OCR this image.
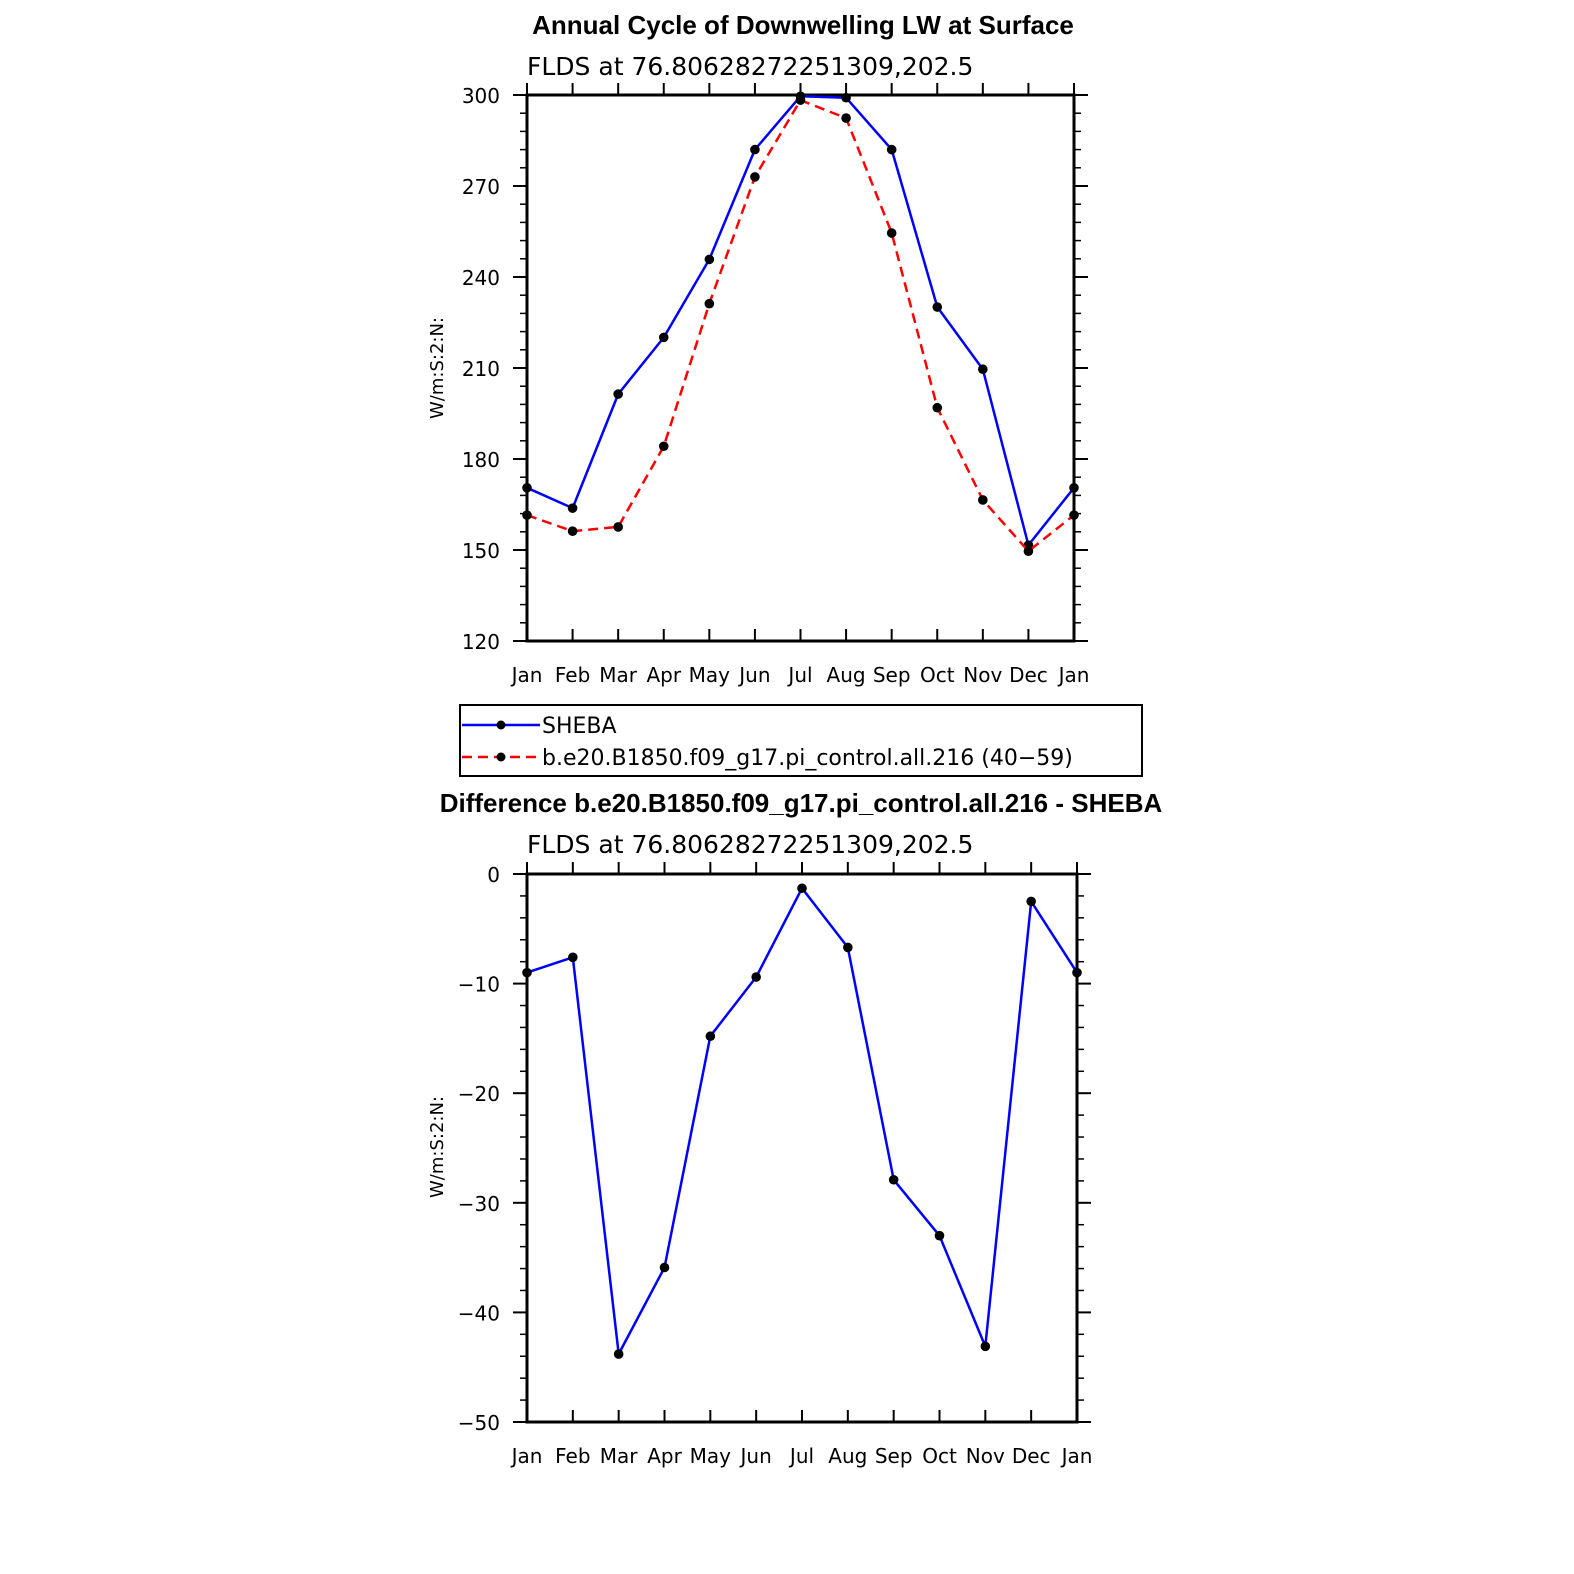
Annual Cycle of Downwelling LW at Surface
FLDS at 76.80628272251309,202.5
W/m:S:2:N:
Jan Feb Mar Apr May Jun Jul Aug Sep Oct Nov Dec Jan
120
150
180
210
240
270
300
SHEBA
b.e20.B1850.f09_g17.pi_control.all.216 (40−59)
Difference b.e20.B1850.f09_g17.pi_control.all.216 - SHEBA
FLDS at 76.80628272251309,202.5
W/m:S:2:N:
Jan Feb Mar Apr May Jun Jul Aug Sep Oct Nov Dec Jan
−50
−40
−30
−20
−10
0
